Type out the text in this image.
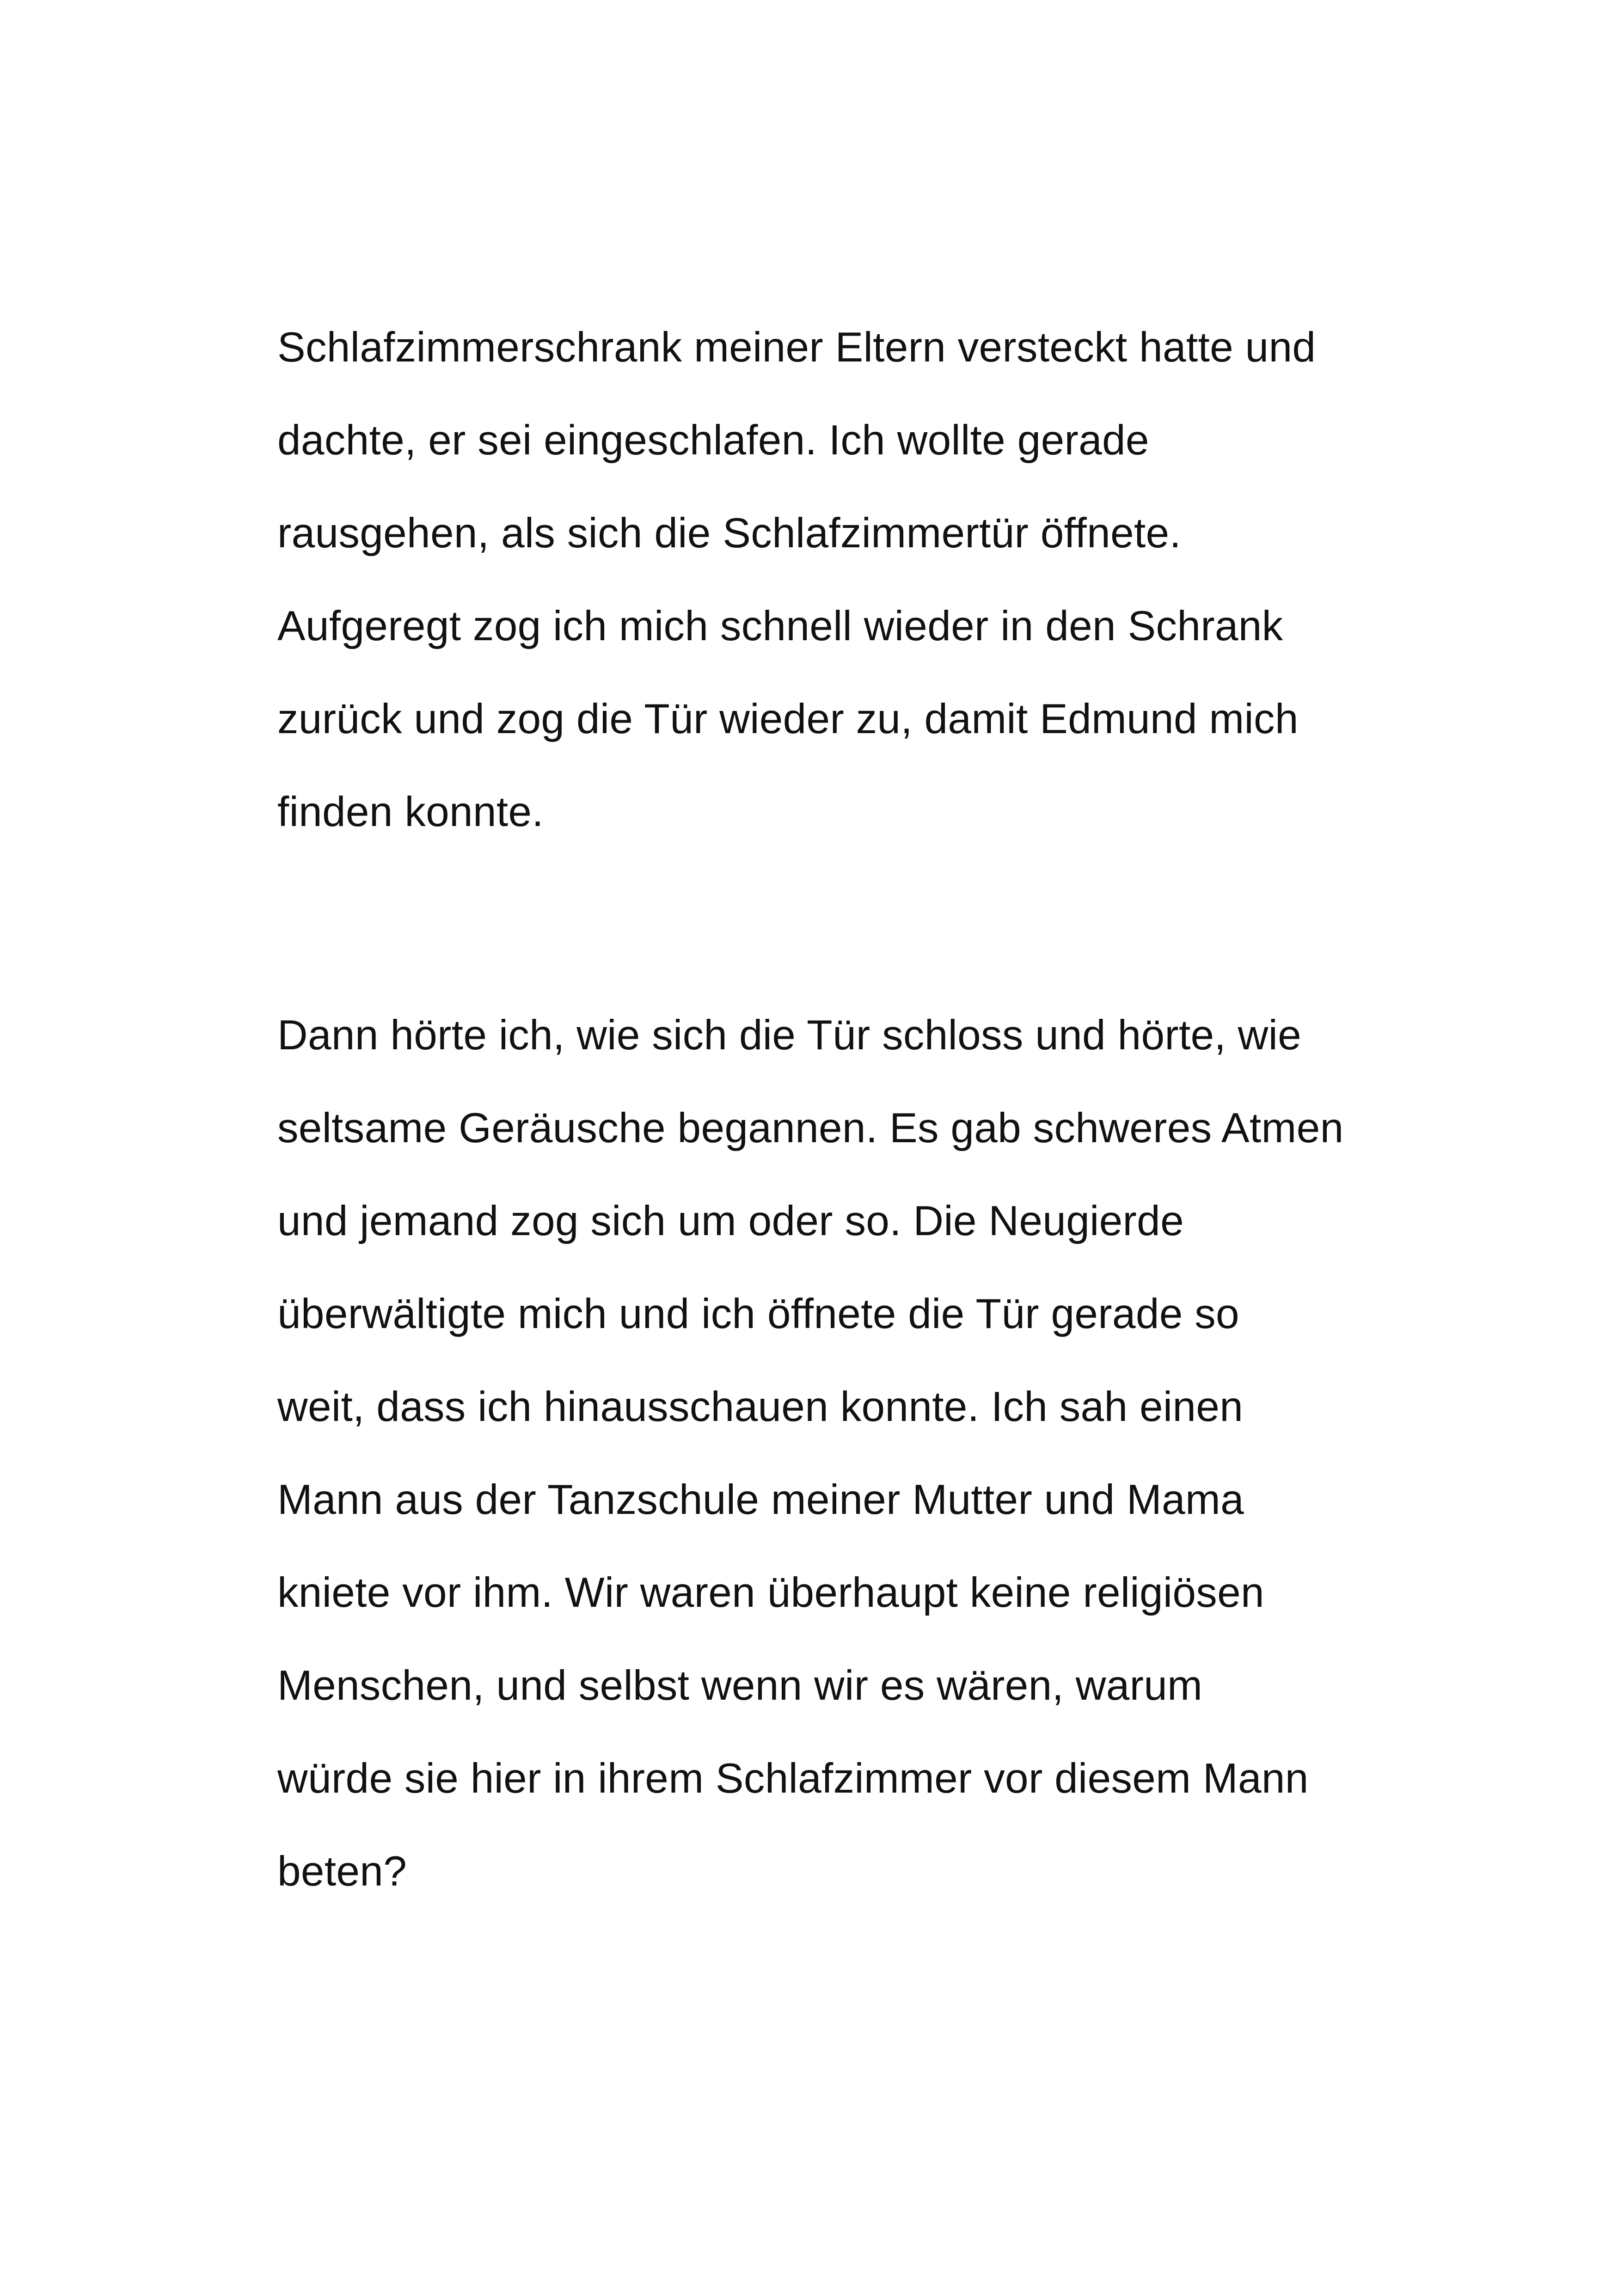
Schlafzimmerschrank meiner Eltern versteckt hatte und
dachte, er sei eingeschlafen. Ich wollte gerade
rausgehen, als sich die Schlafzimmertür öffnete.
Aufgeregt zog ich mich schnell wieder in den Schrank
zurück und zog die Tür wieder zu, damit Edmund mich
finden konnte.

Dann hörte ich, wie sich die Tür schloss und hörte, wie
seltsame Geräusche begannen. Es gab schweres Atmen
und jemand zog sich um oder so. Die Neugierde
überwältigte mich und ich öffnete die Tür gerade so
weit, dass ich hinausschauen konnte. Ich sah einen
Mann aus der Tanzschule meiner Mutter und Mama
kniete vor ihm. Wir waren überhaupt keine religiösen
Menschen, und selbst wenn wir es wären, warum
würde sie hier in ihrem Schlafzimmer vor diesem Mann
beten?
